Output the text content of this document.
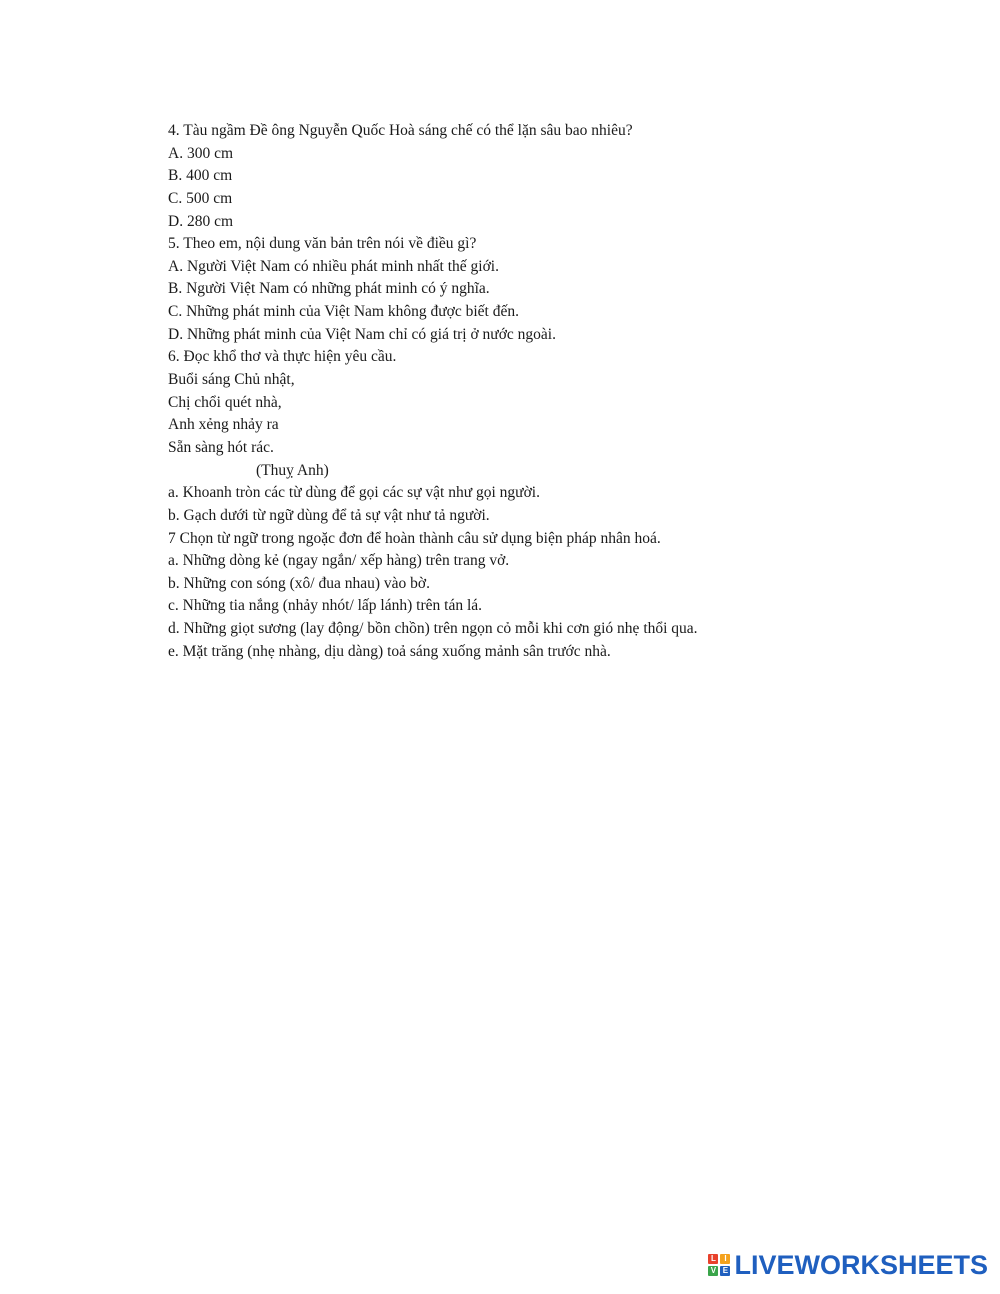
4. Tàu ngầm Đề ông Nguyễn Quốc Hoà sáng chế có thể lặn sâu bao nhiêu?
A. 300 cm
B. 400 cm
C. 500 cm
D. 280 cm
5. Theo em, nội dung văn bản trên nói về điều gì?
A. Người Việt Nam có nhiều phát minh nhất thế giới.
B. Người Việt Nam có những phát minh có ý nghĩa.
C. Những phát minh của Việt Nam không được biết đến.
D. Những phát minh của Việt Nam chỉ có giá trị ở nước ngoài.
6. Đọc khổ thơ và thực hiện yêu cầu.
Buổi sáng Chủ nhật,
Chị chổi quét nhà,
Anh xẻng nhảy ra
Sẵn sàng hót rác.
(Thuỵ Anh)
a. Khoanh tròn các từ dùng để gọi các sự vật như gọi người.
b. Gạch dưới từ ngữ dùng để tả sự vật như tả người.
7 Chọn từ ngữ trong ngoặc đơn để hoàn thành câu sử dụng biện pháp nhân hoá.
a. Những dòng kẻ (ngay ngắn/ xếp hàng) trên trang vở.
b. Những con sóng (xô/ đua nhau) vào bờ.
c. Những tia nắng (nhảy nhót/ lấp lánh) trên tán lá.
d. Những giọt sương (lay động/ bồn chồn) trên ngọn cỏ mỗi khi cơn gió nhẹ thổi qua.
e. Mặt trăng (nhẹ nhàng, dịu dàng) toả sáng xuống mảnh sân trước nhà.
L	I
V E LIVEWORKSHEETS
